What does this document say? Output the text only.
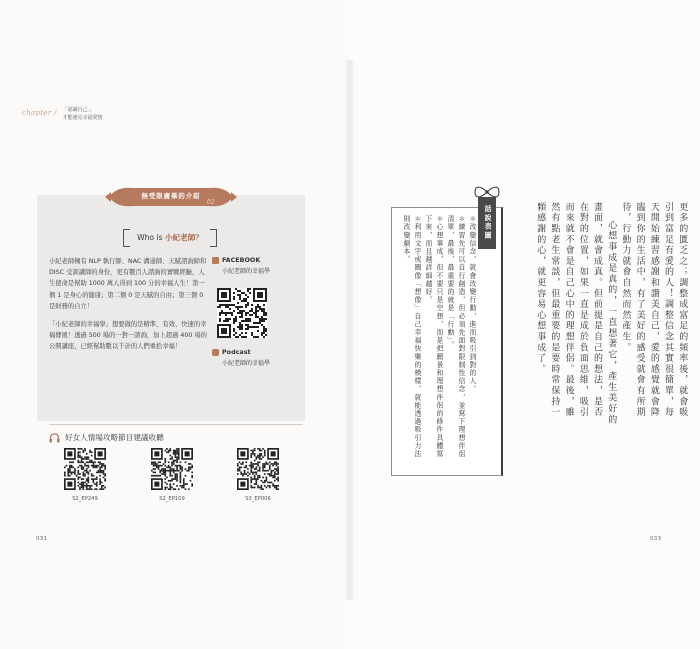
chapter / 「認識自己」，
才能遇見幸福愛情
無受限廣畢的介紹
02
Who is 小紀老師？

小紀老師擁有 NLP 執行師、NAC 溝通師、天賦諮詢師和 DISC 受訓講師的身份，更有數百人諮詢的實戰經驗，人生使命是幫助 1000 萬人得到 100 分的幸福人生！第一個 1 是身心的健康；第二個 0 是天賦的自由；第三個 0 是財務的自立！

「小紀老師的幸福學」想要做的是精準、有效、快速的幸福傳遞！透過 500 場的一對一諮詢，加上超過 400 場的公開講座，已經幫助數以千計的人們重拾幸福！

FACEBOOK
小紀老師的幸福學
Podcast
小紀老師的幸福學
好女人情場攻略節目建議收聽
S2_EP249	S2_EP109	S3_EP006
031	033

更多的匱乏之；調整成富足的頻率後，就會吸引到富足有愛的人！調整信念其實很簡單，每天開始練習感謝和讚美自己，愛的感覺就會降臨到你的生活中，有了美好的感受就會有所期待，行動力就會自然而然產生。

心想事成是真的，一直想著它，產生美好的畫面，就會成真。但前提是自己的想法，是否在對的位置，如果一直是成於負面思維，吸引而來就不會是自己心中的理想伴侶。最後，雖然有點老生常談，但最重要的是要時常保持一顆感謝的心，就更容易心想事成了。

話說表圖

＊改變信念，就會改變行動，進而吸引到對的人。

＊練習先可以自行創造，但必須先面對限制性信念，並寫下理想伴侶清單，最後，最重要的就是「行動」。

＊心想事成，但不要只是空想，而是把願景和理想伴侶的條件具體寫下來，而且越詳細越好。

＊利用文字或圖像「想像」自己幸福快樂的模樣，就能透過吸引力法則改變劇本。
